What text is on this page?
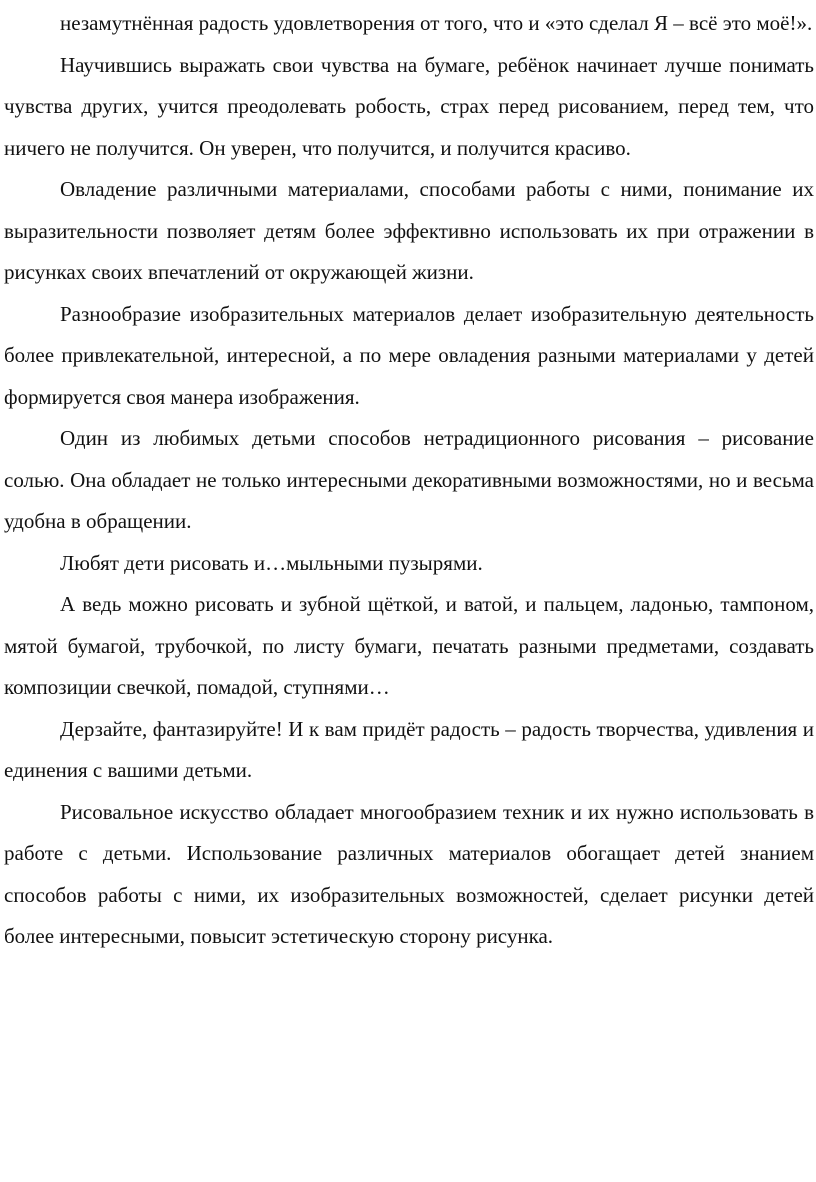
незамутнённая радость удовлетворения от того, что и «это сделал Я – всё это моё!».

Научившись выражать свои чувства на бумаге, ребёнок начинает лучше понимать чувства других, учится преодолевать робость, страх перед рисованием, перед тем, что ничего не получится. Он уверен, что получится, и получится красиво.

Овладение различными материалами, способами работы с ними, понимание их выразительности позволяет детям более эффективно использовать их при отражении в рисунках своих впечатлений от окружающей жизни.

Разнообразие изобразительных материалов делает изобразительную деятельность более привлекательной, интересной, а по мере овладения разными материалами у детей формируется своя манера изображения.

Один из любимых детьми способов нетрадиционного рисования – рисование солью. Она обладает не только интересными декоративными возможностями, но и весьма удобна в обращении.

Любят дети рисовать и…мыльными пузырями.

А ведь можно рисовать и зубной щёткой, и ватой, и пальцем, ладонью, тампоном, мятой бумагой, трубочкой, по листу бумаги, печатать разными предметами, создавать композиции свечкой, помадой, ступнями…

Дерзайте, фантазируйте! И к вам придёт радость – радость творчества, удивления и единения с вашими детьми.

Рисовальное искусство обладает многообразием техник и их нужно использовать в работе с детьми. Использование различных материалов обогащает детей знанием способов работы с ними, их изобразительных возможностей, сделает рисунки детей более интересными, повысит эстетическую сторону рисунка.
